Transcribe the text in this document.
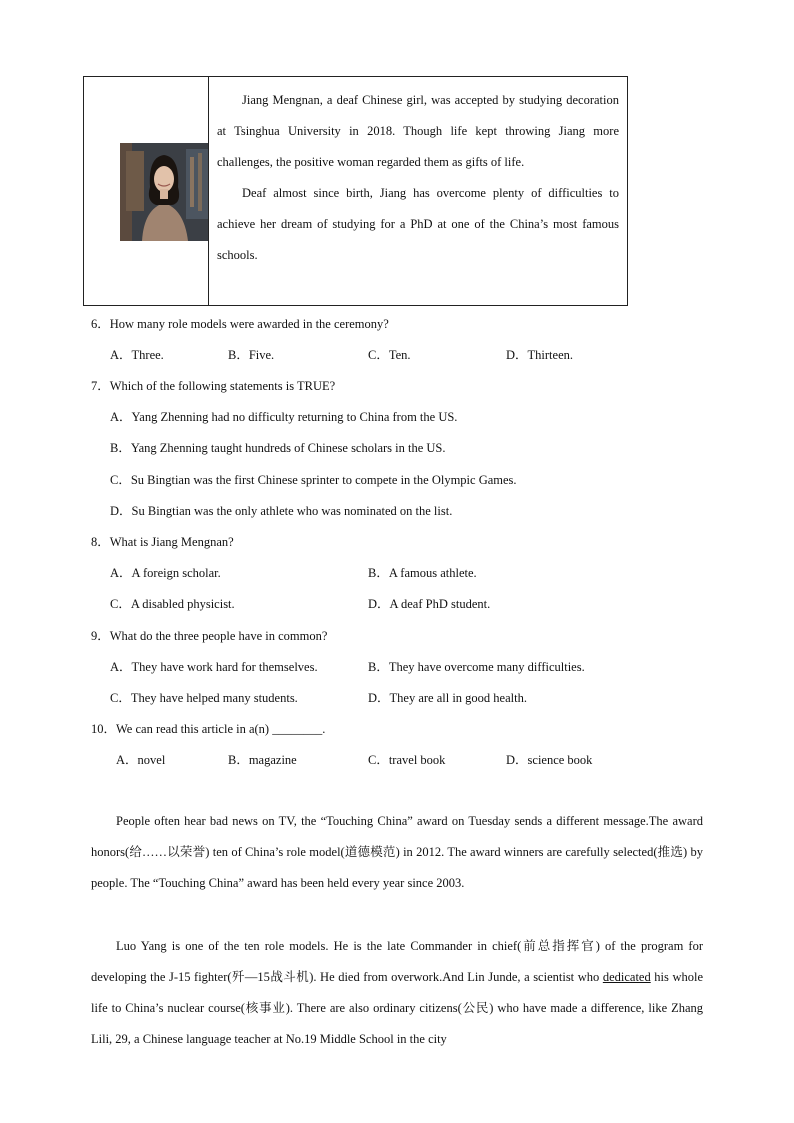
Jiang Mengnan, a deaf Chinese girl, was accepted by studying decoration at Tsinghua University in 2018. Though life kept throwing Jiang more challenges, the positive woman regarded them as gifts of life.

Deaf almost since birth, Jiang has overcome plenty of difficulties to achieve her dream of studying for a PhD at one of the China’s most famous schools.

6．How many role models were awarded in the ceremony?
A．Three.	B．Five.	C．Ten.	D．Thirteen.
7．Which of the following statements is TRUE?
A．Yang Zhenning had no difficulty returning to China from the US.
B．Yang Zhenning taught hundreds of Chinese scholars in the US.
C．Su Bingtian was the first Chinese sprinter to compete in the Olympic Games.
D．Su Bingtian was the only athlete who was nominated on the list.
8．What is Jiang Mengnan?
A．A foreign scholar.	B．A famous athlete.
C．A disabled physicist.	D．A deaf PhD student.
9．What do the three people have in common?
A．They have work hard for themselves.	B．They have overcome many difficulties.
C．They have helped many students.	D．They are all in good health.
10．We can read this article in a(n) ________.
A．novel	B．magazine	C．travel book	D．science book

People often hear bad news on TV, the “Touching China” award on Tuesday sends a different message.The award honors(给……以荣誉) ten of China’s role model(道德模范) in 2012. The award winners are carefully selected(推选) by people. The “Touching China” award has been held every year since 2003.

Luo Yang is one of the ten role models. He is the late Commander in chief(前总指挥官) of the program for developing the J-15 fighter(歼—15战斗机). He died from overwork.And Lin Junde, a scientist who dedicated his whole life to China’s nuclear course(核事业). There are also ordinary citizens(公民) who have made a difference, like Zhang Lili, 29, a Chinese language teacher at No.19 Middle School in the city
